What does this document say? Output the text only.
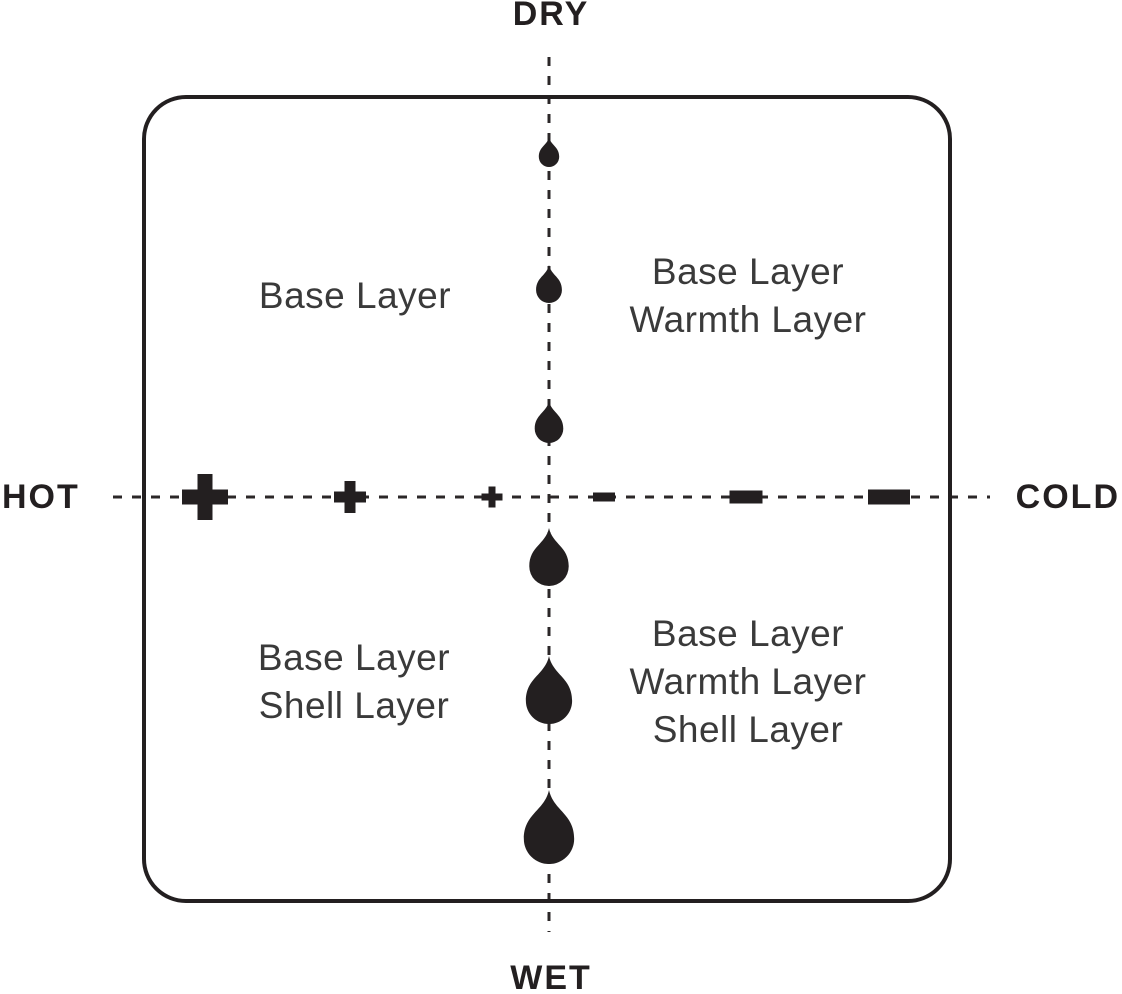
DRY
WET
HOT	COLD
Base Layer
Base Layer
Warmth Layer
Base Layer
Shell Layer
Base Layer
Warmth Layer
Shell Layer
